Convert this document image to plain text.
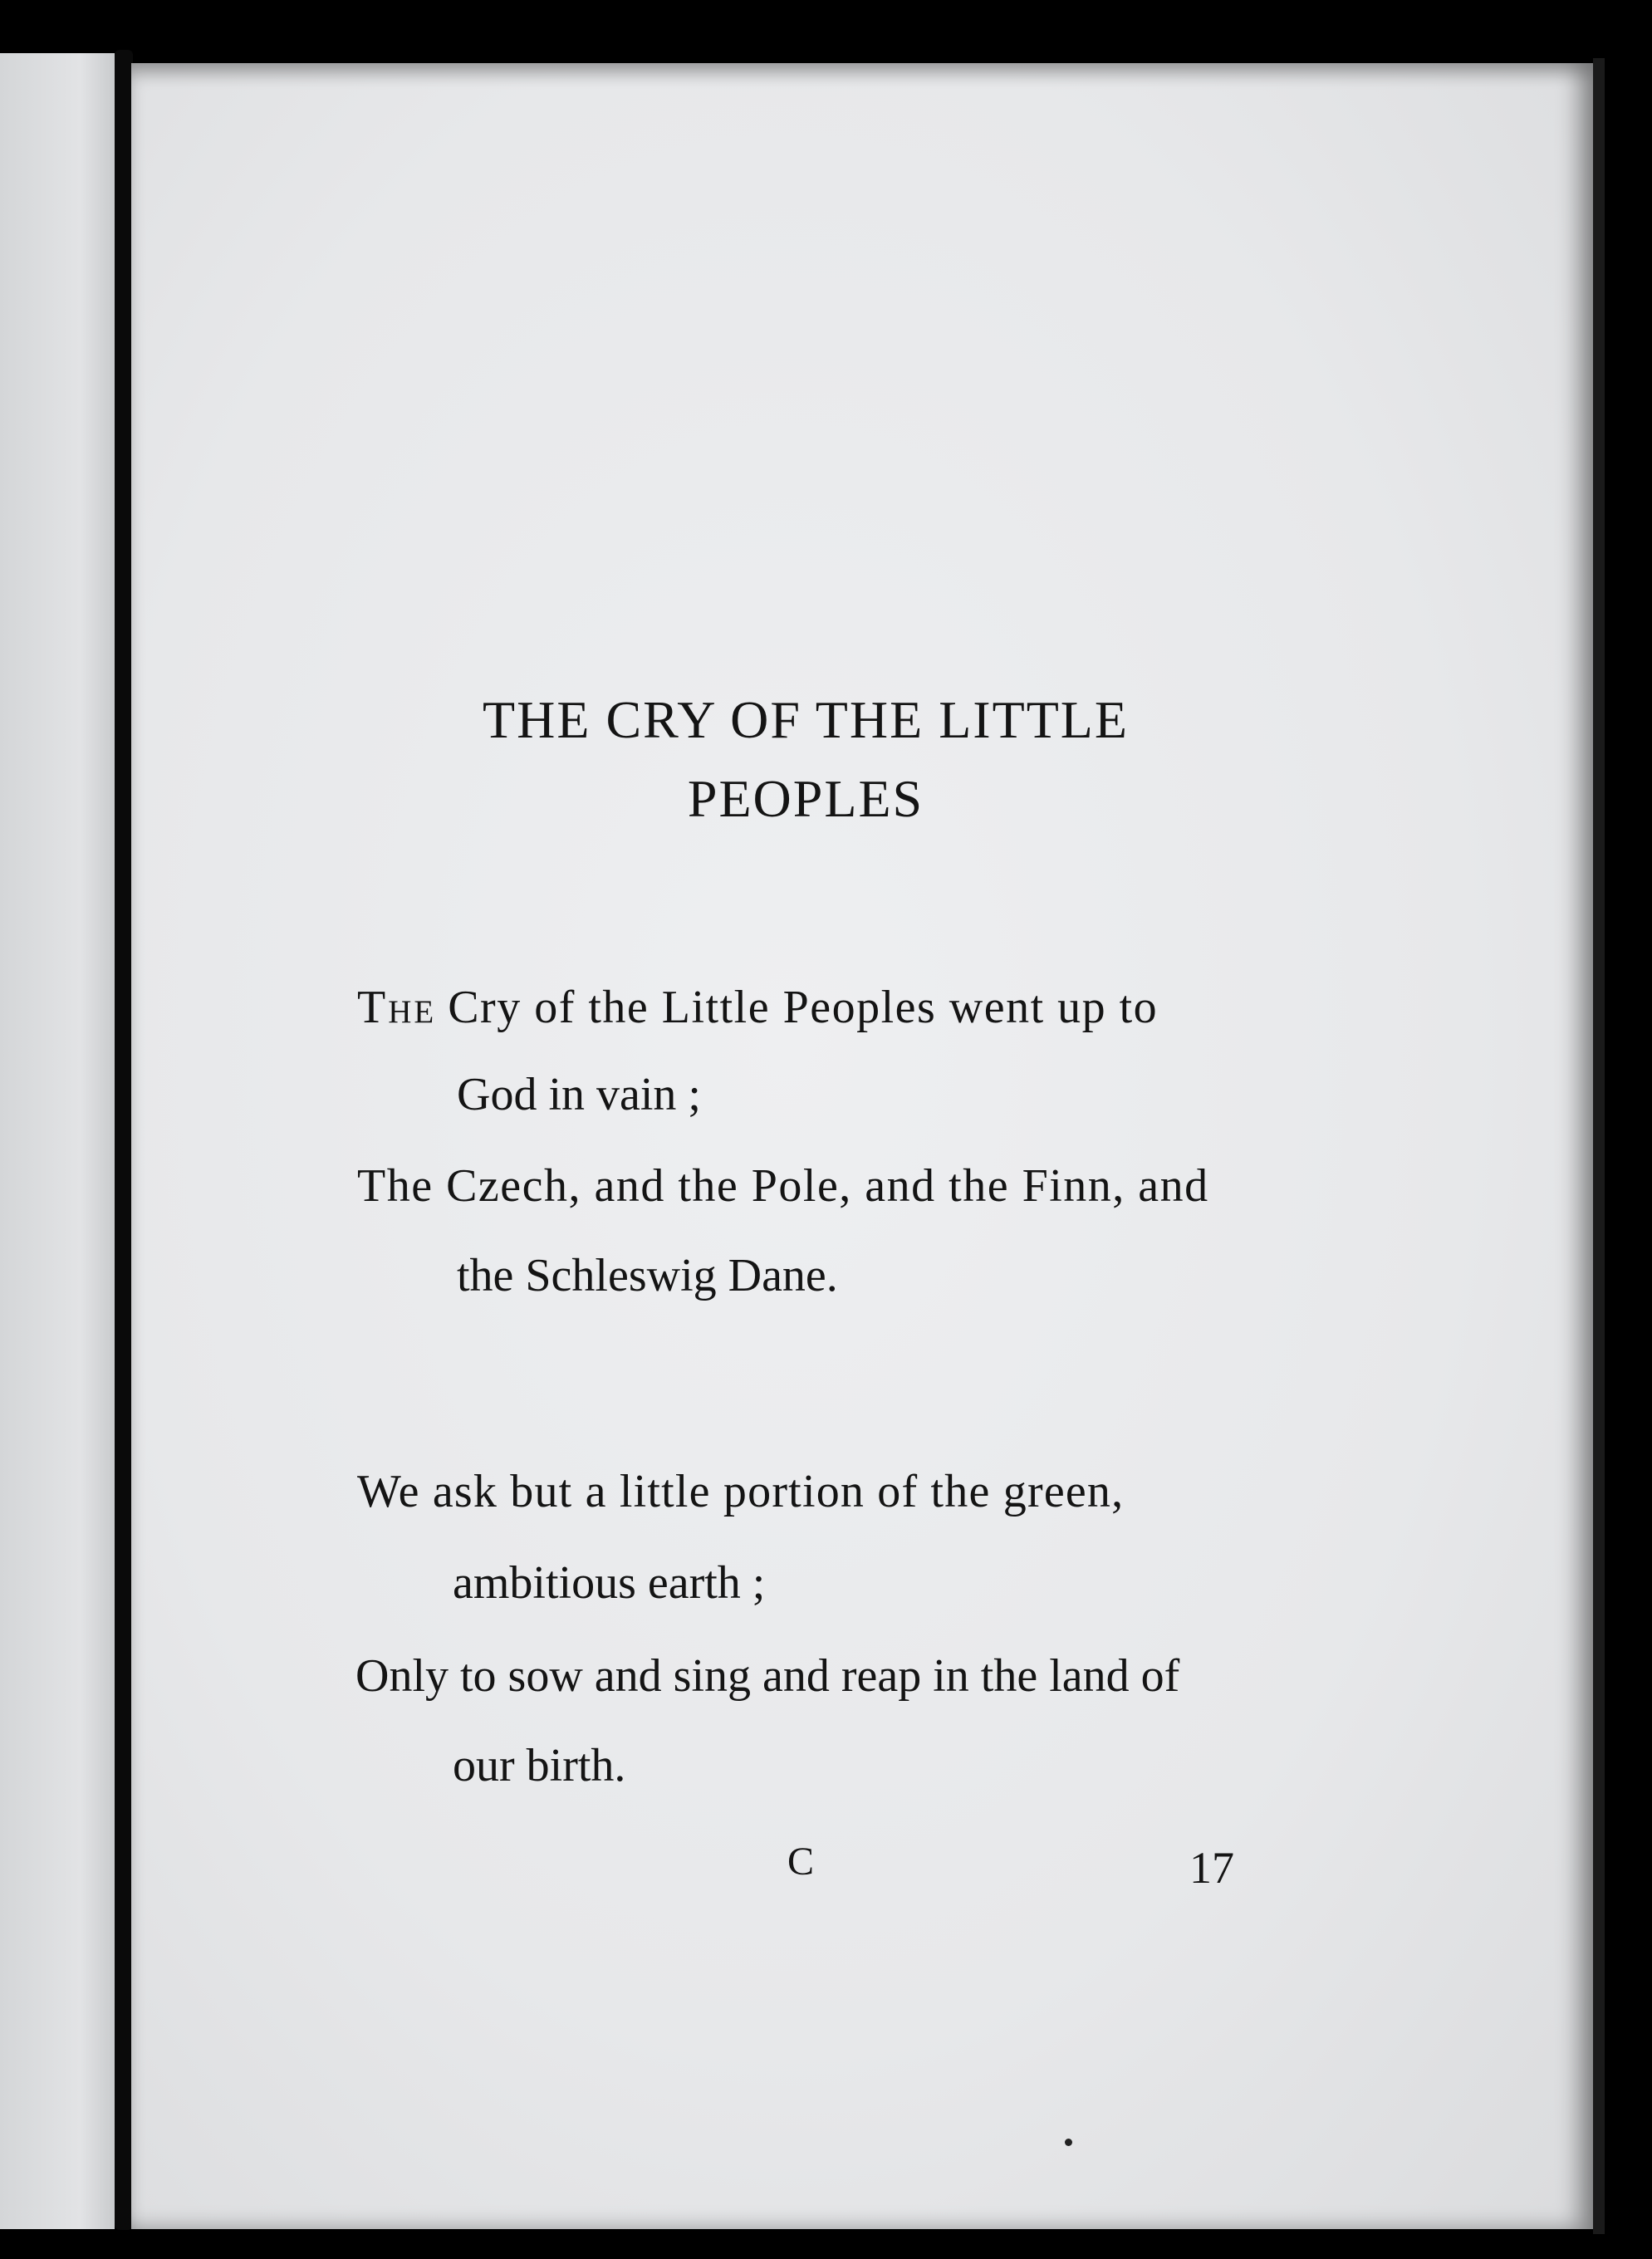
THE CRY OF THE LITTLE
PEOPLES
The Cry of the Little Peoples went up to
God in vain ;
The Czech, and the Pole, and the Finn, and
the Schleswig Dane.
We ask but a little portion of the green,
ambitious earth ;
Only to sow and sing and reap in the land of
our birth.
C	17
